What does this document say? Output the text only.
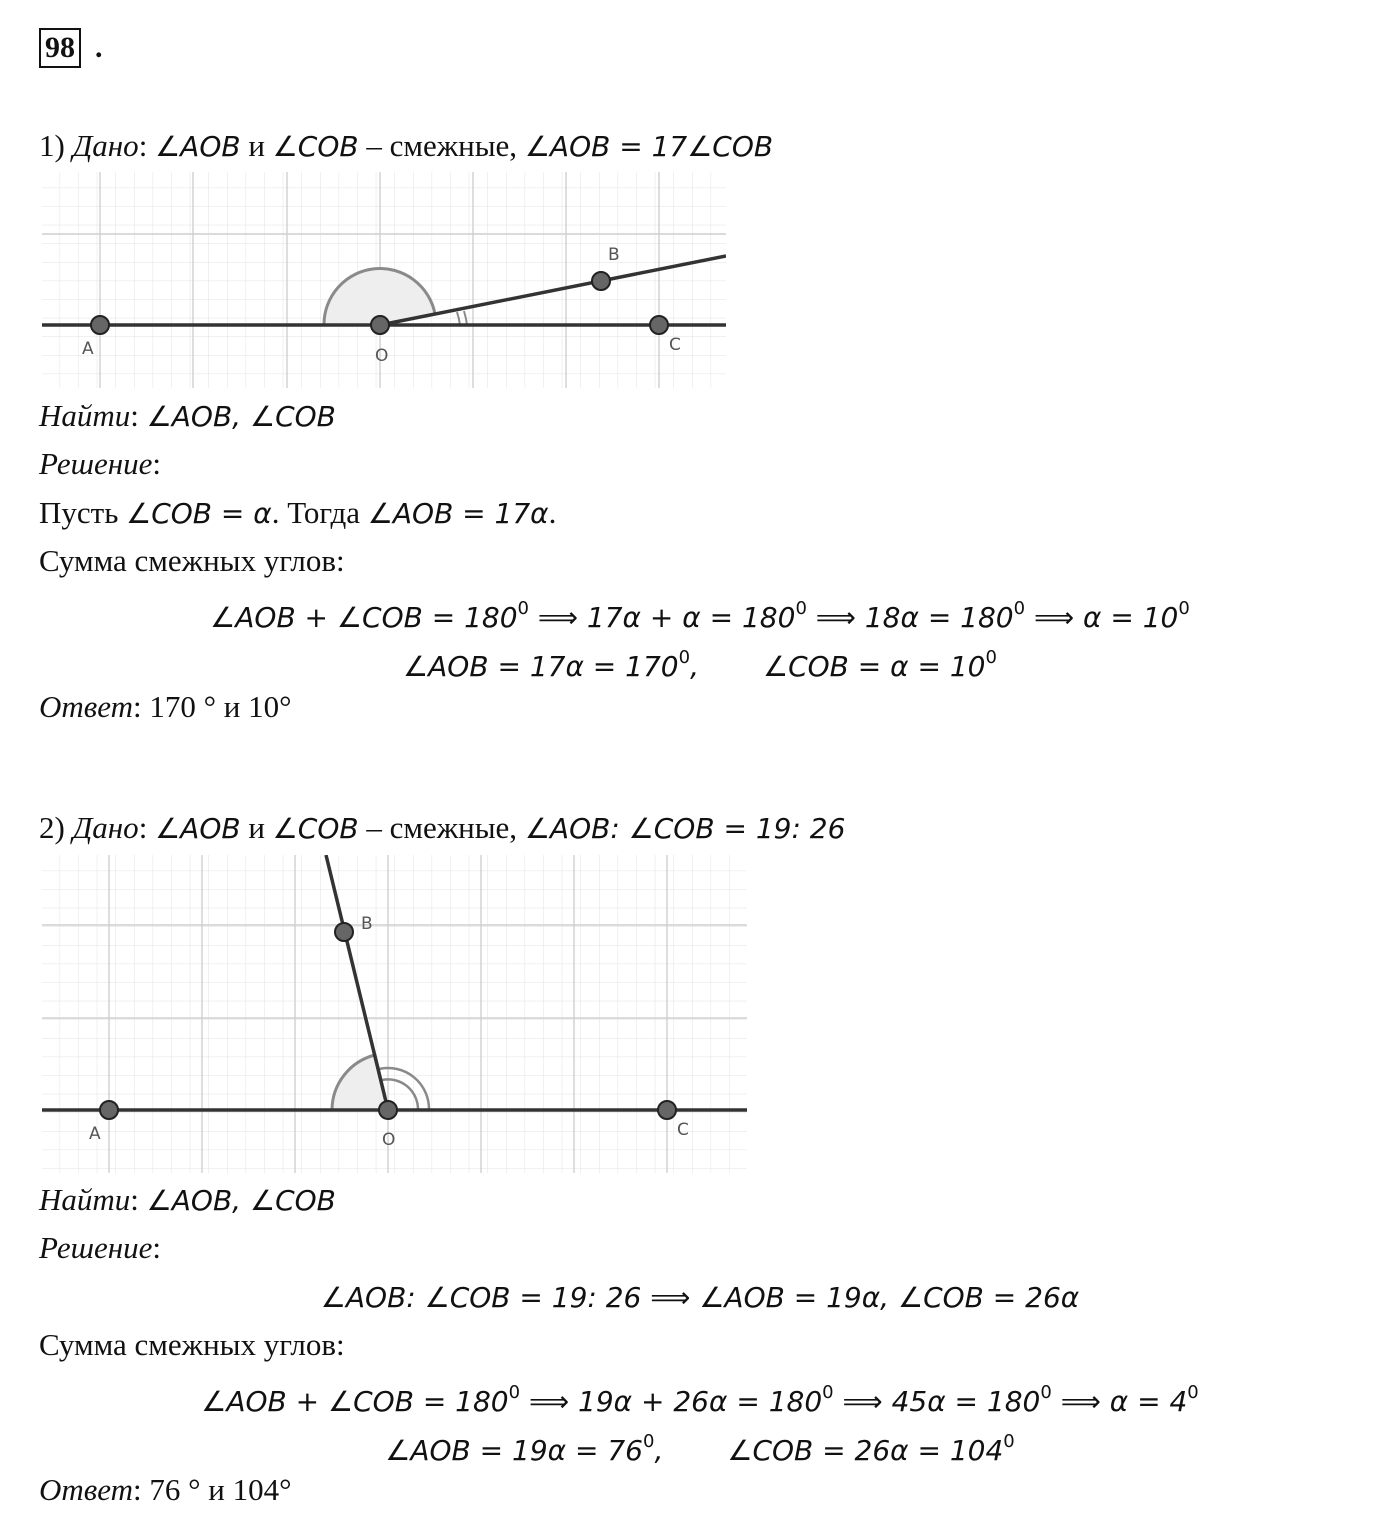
98 .
1) Дано: ∠AOB и ∠COB – смежные, ∠AOB = 17∠COB
A	O
B
C
Найти: ∠AOB, ∠COB
Решение:
Пусть ∠COB = α. Тогда ∠AOB = 17α.
Сумма смежных углов:
∠AOB + ∠COB = $180^0$ ⟹ $17\alpha + \alpha = 180^0$ ⟹ $18\alpha = 180^0$ ⟹ $\alpha = 10^0$
∠AOB = $17\alpha = 170^0$, ∠COB = $\alpha = 10^0$
Ответ: 170 ° и 10°
2) Дано: ∠AOB и ∠COB – смежные, ∠AOB: ∠COB = 19: 26
A	O
B
C
Найти: ∠AOB, ∠COB
Решение:
∠AOB: ∠COB = 19: 26 ⟹ ∠AOB = 19α, ∠COB = 26α
Сумма смежных углов:
∠AOB + ∠COB = $180^0$ ⟹ $19\alpha + 26\alpha = 180^0$ ⟹ $45\alpha = 180^0$ ⟹ $\alpha = 4^0$
∠AOB = $19\alpha = 76^0$, ∠COB = $26\alpha = 104^0$
Ответ: 76 ° и 104°
